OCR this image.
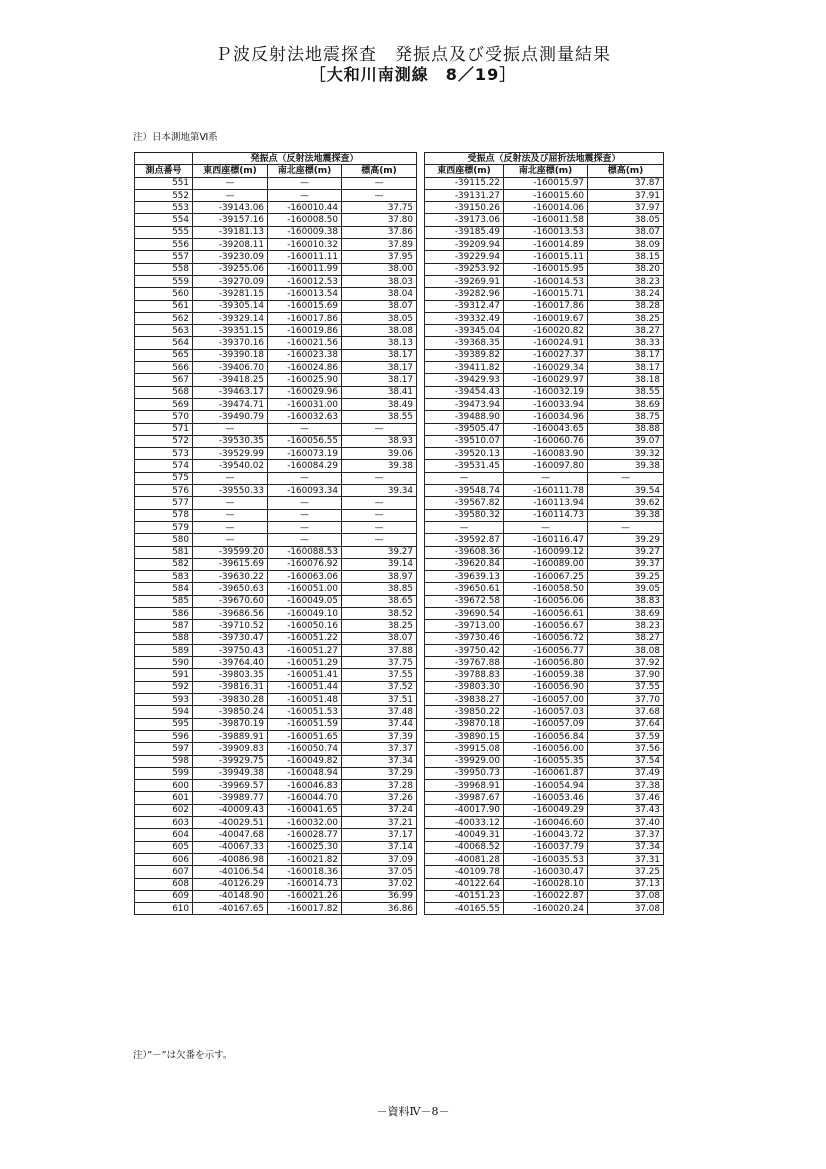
Ｐ波反射法地震探査　発振点及び受振点測量結果
［大和川南測線　8／19］
注）日本測地第Ⅵ系
	発振点（反射法地震探査）				受振点（反射法及び屈折法地震探査）		
測点番号	東西座標(m)	南北座標(m)	標高(m)		東西座標(m)	南北座標(m)	標高(m)
551	—	—	—		-39115.22	-160015.97	37.87
552	—	—	—		-39131.27	-160015.60	37.91
553	-39143.06	-160010.44	37.75		-39150.26	-160014.06	37.97
554	-39157.16	-160008.50	37.80		-39173.06	-160011.58	38.05
555	-39181.13	-160009.38	37.86		-39185.49	-160013.53	38.07
556	-39208.11	-160010.32	37.89		-39209.94	-160014.89	38.09
557	-39230.09	-160011.11	37.95		-39229.94	-160015.11	38.15
558	-39255.06	-160011.99	38.00		-39253.92	-160015.95	38.20
559	-39270.09	-160012.53	38.03		-39269.91	-160014.53	38.23
560	-39281.15	-160013.54	38.04		-39282.96	-160015.71	38.24
561	-39305.14	-160015.69	38.07		-39312.47	-160017.86	38.28
562	-39329.14	-160017.86	38.05		-39332.49	-160019.67	38.25
563	-39351.15	-160019.86	38.08		-39345.04	-160020.82	38.27
564	-39370.16	-160021.56	38.13		-39368.35	-160024.91	38.33
565	-39390.18	-160023.38	38.17		-39389.82	-160027.37	38.17
566	-39406.70	-160024.86	38.17		-39411.82	-160029.34	38.17
567	-39418.25	-160025.90	38.17		-39429.93	-160029.97	38.18
568	-39463.17	-160029.96	38.41		-39454.43	-160032.19	38.55
569	-39474.71	-160031.00	38.49		-39473.94	-160033.94	38.69
570	-39490.79	-160032.63	38.55		-39488.90	-160034.96	38.75
571	—	—	—		-39505.47	-160043.65	38.88
572	-39530.35	-160056.55	38.93		-39510.07	-160060.76	39.07
573	-39529.99	-160073.19	39.06		-39520.13	-160083.90	39.32
574	-39540.02	-160084.29	39.38		-39531.45	-160097.80	39.38
575	—	—	—		—	—	—
576	-39550.33	-160093.34	39.34		-39548.74	-160111.78	39.54
577	—	—	—		-39567.82	-160113.94	39.62
578	—	—	—		-39580.32	-160114.73	39.38
579	—	—	—		—	—	—
580	—	—	—		-39592.87	-160116.47	39.29
581	-39599.20	-160088.53	39.27		-39608.36	-160099.12	39.27
582	-39615.69	-160076.92	39.14		-39620.84	-160089.00	39.37
583	-39630.22	-160063.06	38.97		-39639.13	-160067.25	39.25
584	-39650.63	-160051.00	38.85		-39650.61	-160058.50	39.05
585	-39670.60	-160049.05	38.65		-39672.58	-160056.06	38.83
586	-39686.56	-160049.10	38.52		-39690.54	-160056.61	38.69
587	-39710.52	-160050.16	38.25		-39713.00	-160056.67	38.23
588	-39730.47	-160051.22	38.07		-39730.46	-160056.72	38.27
589	-39750.43	-160051.27	37.88		-39750.42	-160056.77	38.08
590	-39764.40	-160051.29	37.75		-39767.88	-160056.80	37.92
591	-39803.35	-160051.41	37.55		-39788.83	-160059.38	37.90
592	-39816.31	-160051.44	37.52		-39803.30	-160056.90	37.55
593	-39830.28	-160051.48	37.51		-39838.27	-160057.00	37.70
594	-39850.24	-160051.53	37.48		-39850.22	-160057.03	37.68
595	-39870.19	-160051.59	37.44		-39870.18	-160057.09	37.64
596	-39889.91	-160051.65	37.39		-39890.15	-160056.84	37.59
597	-39909.83	-160050.74	37.37		-39915.08	-160056.00	37.56
598	-39929.75	-160049.82	37.34		-39929.00	-160055.35	37.54
599	-39949.38	-160048.94	37.29		-39950.73	-160061.87	37.49
600	-39969.57	-160046.83	37.28		-39968.91	-160054.94	37.38
601	-39989.77	-160044.70	37.26		-39987.67	-160053.46	37.46
602	-40009.43	-160041.65	37.24		-40017.90	-160049.29	37.43
603	-40029.51	-160032.00	37.21		-40033.12	-160046.60	37.40
604	-40047.68	-160028.77	37.17		-40049.31	-160043.72	37.37
605	-40067.33	-160025.30	37.14		-40068.52	-160037.79	37.34
606	-40086.98	-160021.82	37.09		-40081.28	-160035.53	37.31
607	-40106.54	-160018.36	37.05		-40109.78	-160030.47	37.25
608	-40126.29	-160014.73	37.02		-40122.64	-160028.10	37.13
609	-40148.90	-160021.26	36.99		-40151.23	-160022.87	37.08
610	-40167.65	-160017.82	36.86		-40165.55	-160020.24	37.08
注）”－”は欠番を示す。
－資料Ⅳ－8－
